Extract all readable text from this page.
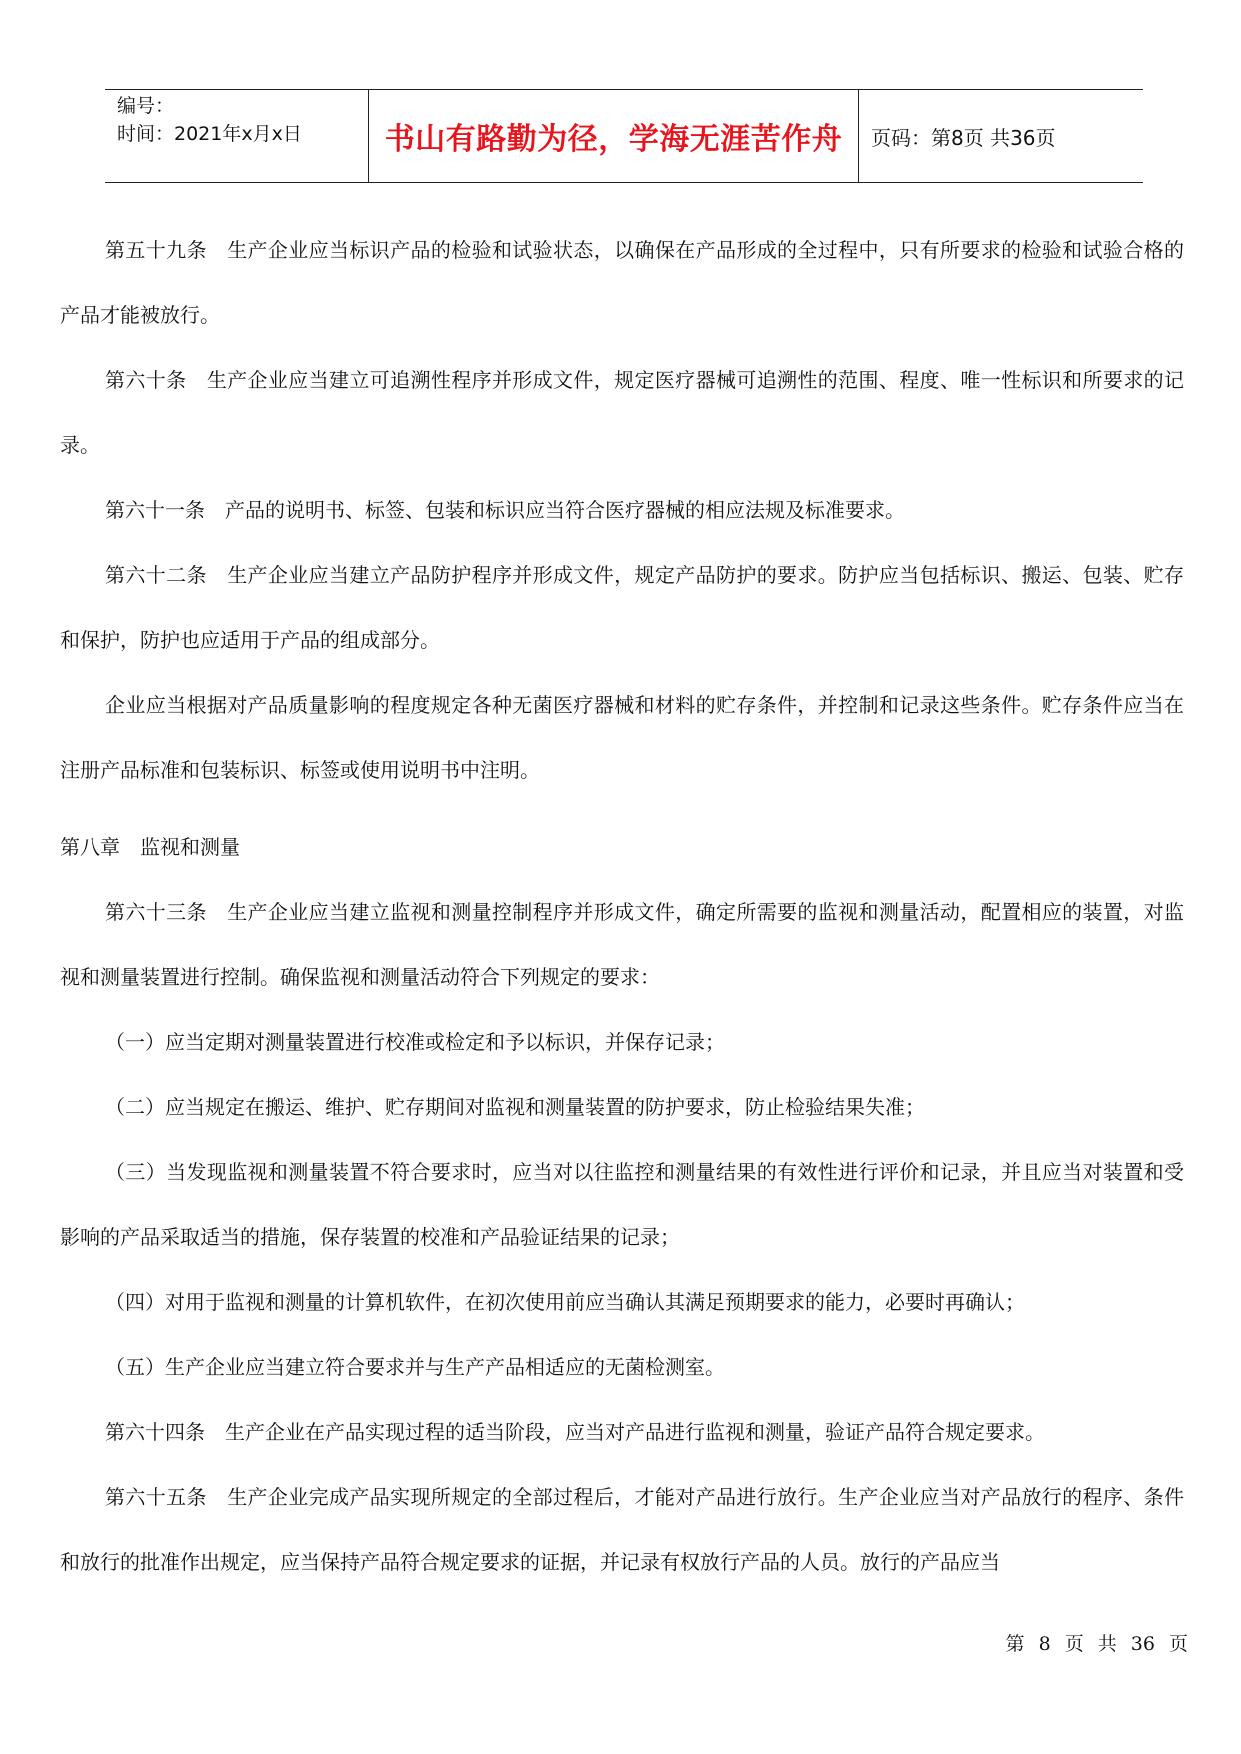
编号：
时间：2021年x月x日	书山有路勤为径，学海无涯苦作舟 页码：第8页 共36页

第五十九条　生产企业应当标识产品的检验和试验状态，以确保在产品形成的全过程中，只有所要求的检验和试验合格的产品才能被放行。

第六十条　生产企业应当建立可追溯性程序并形成文件，规定医疗器械可追溯性的范围、程度、唯一性标识和所要求的记录。

第六十一条　产品的说明书、标签、包装和标识应当符合医疗器械的相应法规及标准要求。

第六十二条　生产企业应当建立产品防护程序并形成文件，规定产品防护的要求。防护应当包括标识、搬运、包装、贮存和保护，防护也应适用于产品的组成部分。

企业应当根据对产品质量影响的程度规定各种无菌医疗器械和材料的贮存条件，并控制和记录这些条件。贮存条件应当在注册产品标准和包装标识、标签或使用说明书中注明。

第八章　监视和测量

第六十三条　生产企业应当建立监视和测量控制程序并形成文件，确定所需要的监视和测量活动，配置相应的装置，对监视和测量装置进行控制。确保监视和测量活动符合下列规定的要求：

（一）应当定期对测量装置进行校准或检定和予以标识，并保存记录；

（二）应当规定在搬运、维护、贮存期间对监视和测量装置的防护要求，防止检验结果失准；

（三）当发现监视和测量装置不符合要求时，应当对以往监控和测量结果的有效性进行评价和记录，并且应当对装置和受影响的产品采取适当的措施，保存装置的校准和产品验证结果的记录；

（四）对用于监视和测量的计算机软件，在初次使用前应当确认其满足预期要求的能力，必要时再确认；

（五）生产企业应当建立符合要求并与生产产品相适应的无菌检测室。

第六十四条　生产企业在产品实现过程的适当阶段，应当对产品进行监视和测量，验证产品符合规定要求。

第六十五条　生产企业完成产品实现所规定的全部过程后，才能对产品进行放行。生产企业应当对产品放行的程序、条件和放行的批准作出规定，应当保持产品符合规定要求的证据，并记录有权放行产品的人员。放行的产品应当

第 8 页 共 36 页
